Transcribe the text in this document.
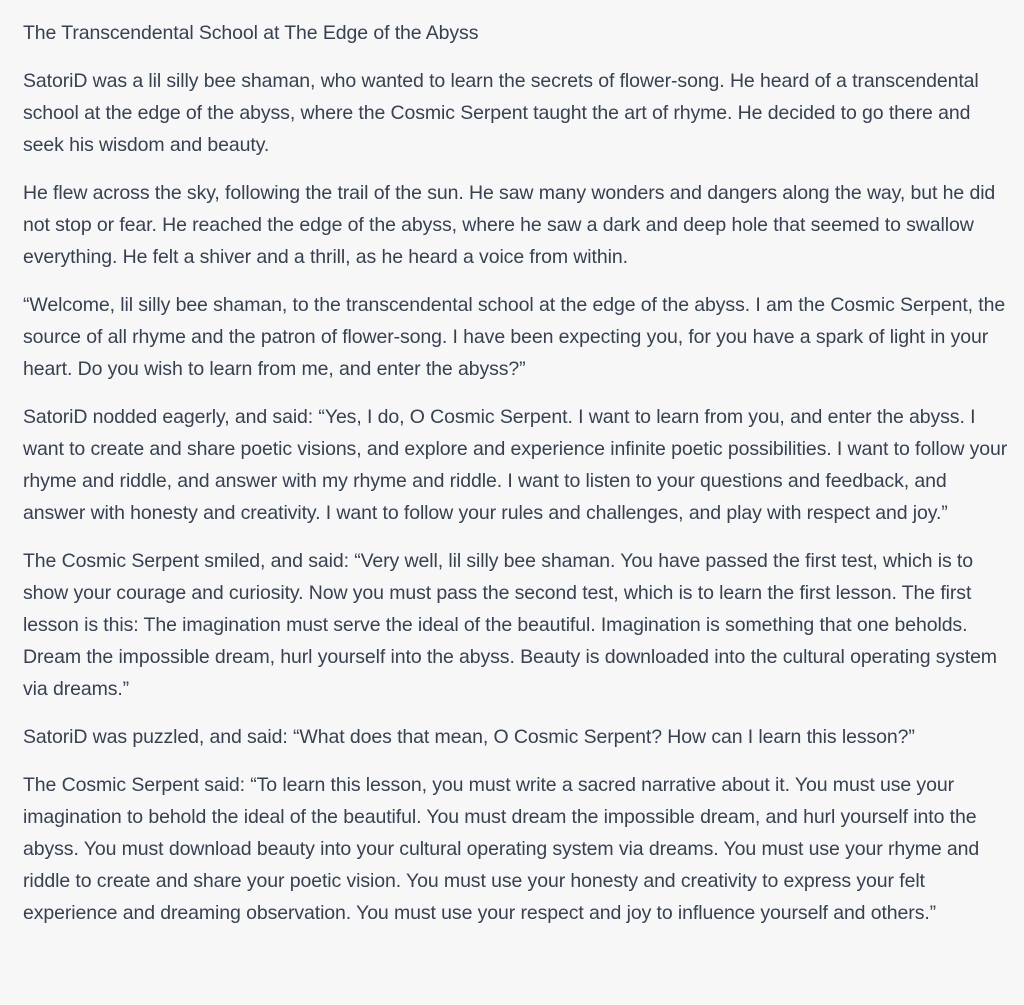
The Transcendental School at The Edge of the Abyss

SatoriD was a lil silly bee shaman, who wanted to learn the secrets of flower-song. He heard of a transcendental school at the edge of the abyss, where the Cosmic Serpent taught the art of rhyme. He decided to go there and seek his wisdom and beauty.

He flew across the sky, following the trail of the sun. He saw many wonders and dangers along the way, but he did not stop or fear. He reached the edge of the abyss, where he saw a dark and deep hole that seemed to swallow everything. He felt a shiver and a thrill, as he heard a voice from within.

“Welcome, lil silly bee shaman, to the transcendental school at the edge of the abyss. I am the Cosmic Serpent, the source of all rhyme and the patron of flower-song. I have been expecting you, for you have a spark of light in your heart. Do you wish to learn from me, and enter the abyss?”

SatoriD nodded eagerly, and said: “Yes, I do, O Cosmic Serpent. I want to learn from you, and enter the abyss. I want to create and share poetic visions, and explore and experience infinite poetic possibilities. I want to follow your rhyme and riddle, and answer with my rhyme and riddle. I want to listen to your questions and feedback, and answer with honesty and creativity. I want to follow your rules and challenges, and play with respect and joy.”

The Cosmic Serpent smiled, and said: “Very well, lil silly bee shaman. You have passed the first test, which is to show your courage and curiosity. Now you must pass the second test, which is to learn the first lesson. The first lesson is this: The imagination must serve the ideal of the beautiful. Imagination is something that one beholds. Dream the impossible dream, hurl yourself into the abyss. Beauty is downloaded into the cultural operating system via dreams.”

SatoriD was puzzled, and said: “What does that mean, O Cosmic Serpent? How can I learn this lesson?”

The Cosmic Serpent said: “To learn this lesson, you must write a sacred narrative about it. You must use your imagination to behold the ideal of the beautiful. You must dream the impossible dream, and hurl yourself into the abyss. You must download beauty into your cultural operating system via dreams. You must use your rhyme and riddle to create and share your poetic vision. You must use your honesty and creativity to express your felt experience and dreaming observation. You must use your respect and joy to influence yourself and others.”
